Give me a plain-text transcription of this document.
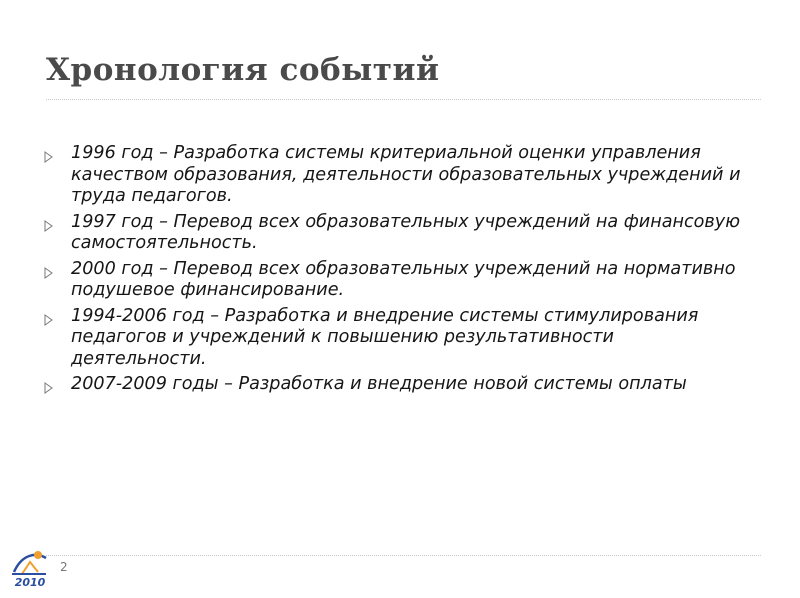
Хронология событий
1996 год – Разработка системы критериальной оценки управления качеством образования, деятельности образовательных учреждений и труда педагогов.
1997 год – Перевод всех образовательных учреждений на финансовую самостоятельность.
2000 год – Перевод всех образовательных учреждений на нормативно подушевое финансирование.
1994-2006 год – Разработка и внедрение системы стимулирования педагогов и учреждений к повышению результативности деятельности.
2007-2009 годы – Разработка и внедрение новой системы оплаты
2010
2
